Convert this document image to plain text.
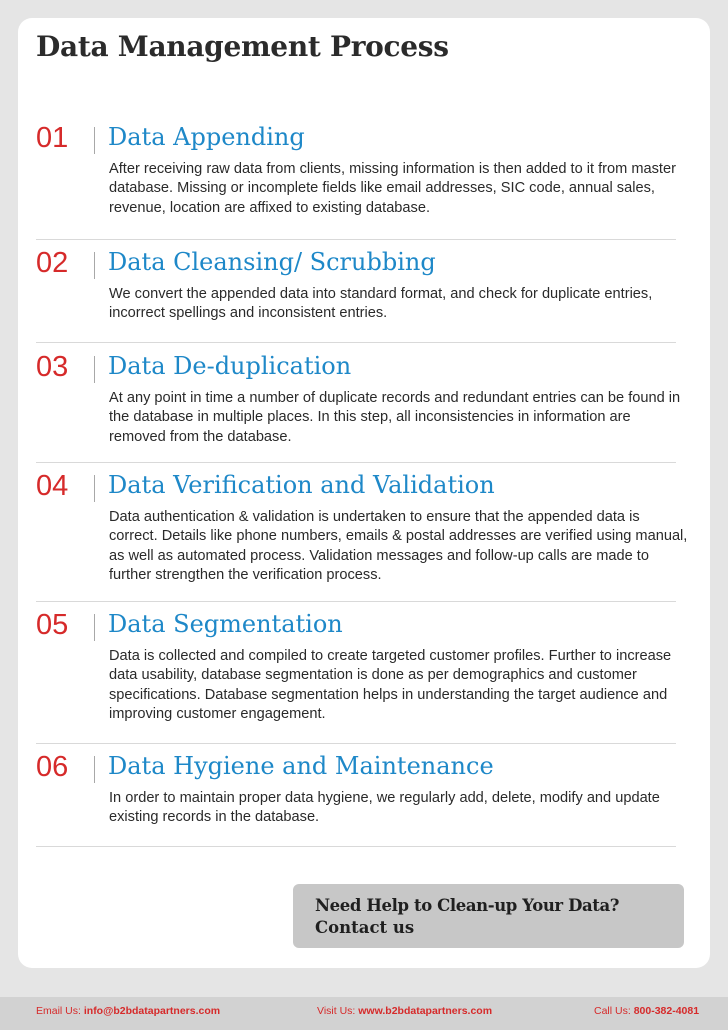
Data Management Process
01 Data Appending

After receiving raw data from clients, missing information is then added to it from master database. Missing or incomplete fields like email addresses, SIC code, annual sales, revenue, location are affixed to existing database.

02 Data Cleansing/ Scrubbing

We convert the appended data into standard format, and check for duplicate entries, incorrect spellings and inconsistent entries.

03 Data De-duplication

At any point in time a number of duplicate records and redundant entries can be found in the database in multiple places. In this step, all inconsistencies in information are removed from the database.

04 Data Verification and Validation

Data authentication & validation is undertaken to ensure that the appended data is correct. Details like phone numbers, emails & postal addresses are verified using manual, as well as automated process. Validation messages and follow-up calls are made to further strengthen the verification process.

05 Data Segmentation

Data is collected and compiled to create targeted customer profiles. Further to increase data usability, database segmentation is done as per demographics and customer specifications. Database segmentation helps in understanding the target audience and improving customer engagement.

06 Data Hygiene and Maintenance

In order to maintain proper data hygiene, we regularly add, delete, modify and update existing records in the database.

Need Help to Clean-up Your Data?
Contact us
Email Us: info@b2bdatapartners.com	Visit Us: www.b2bdatapartners.com	Call Us: 800-382-4081
